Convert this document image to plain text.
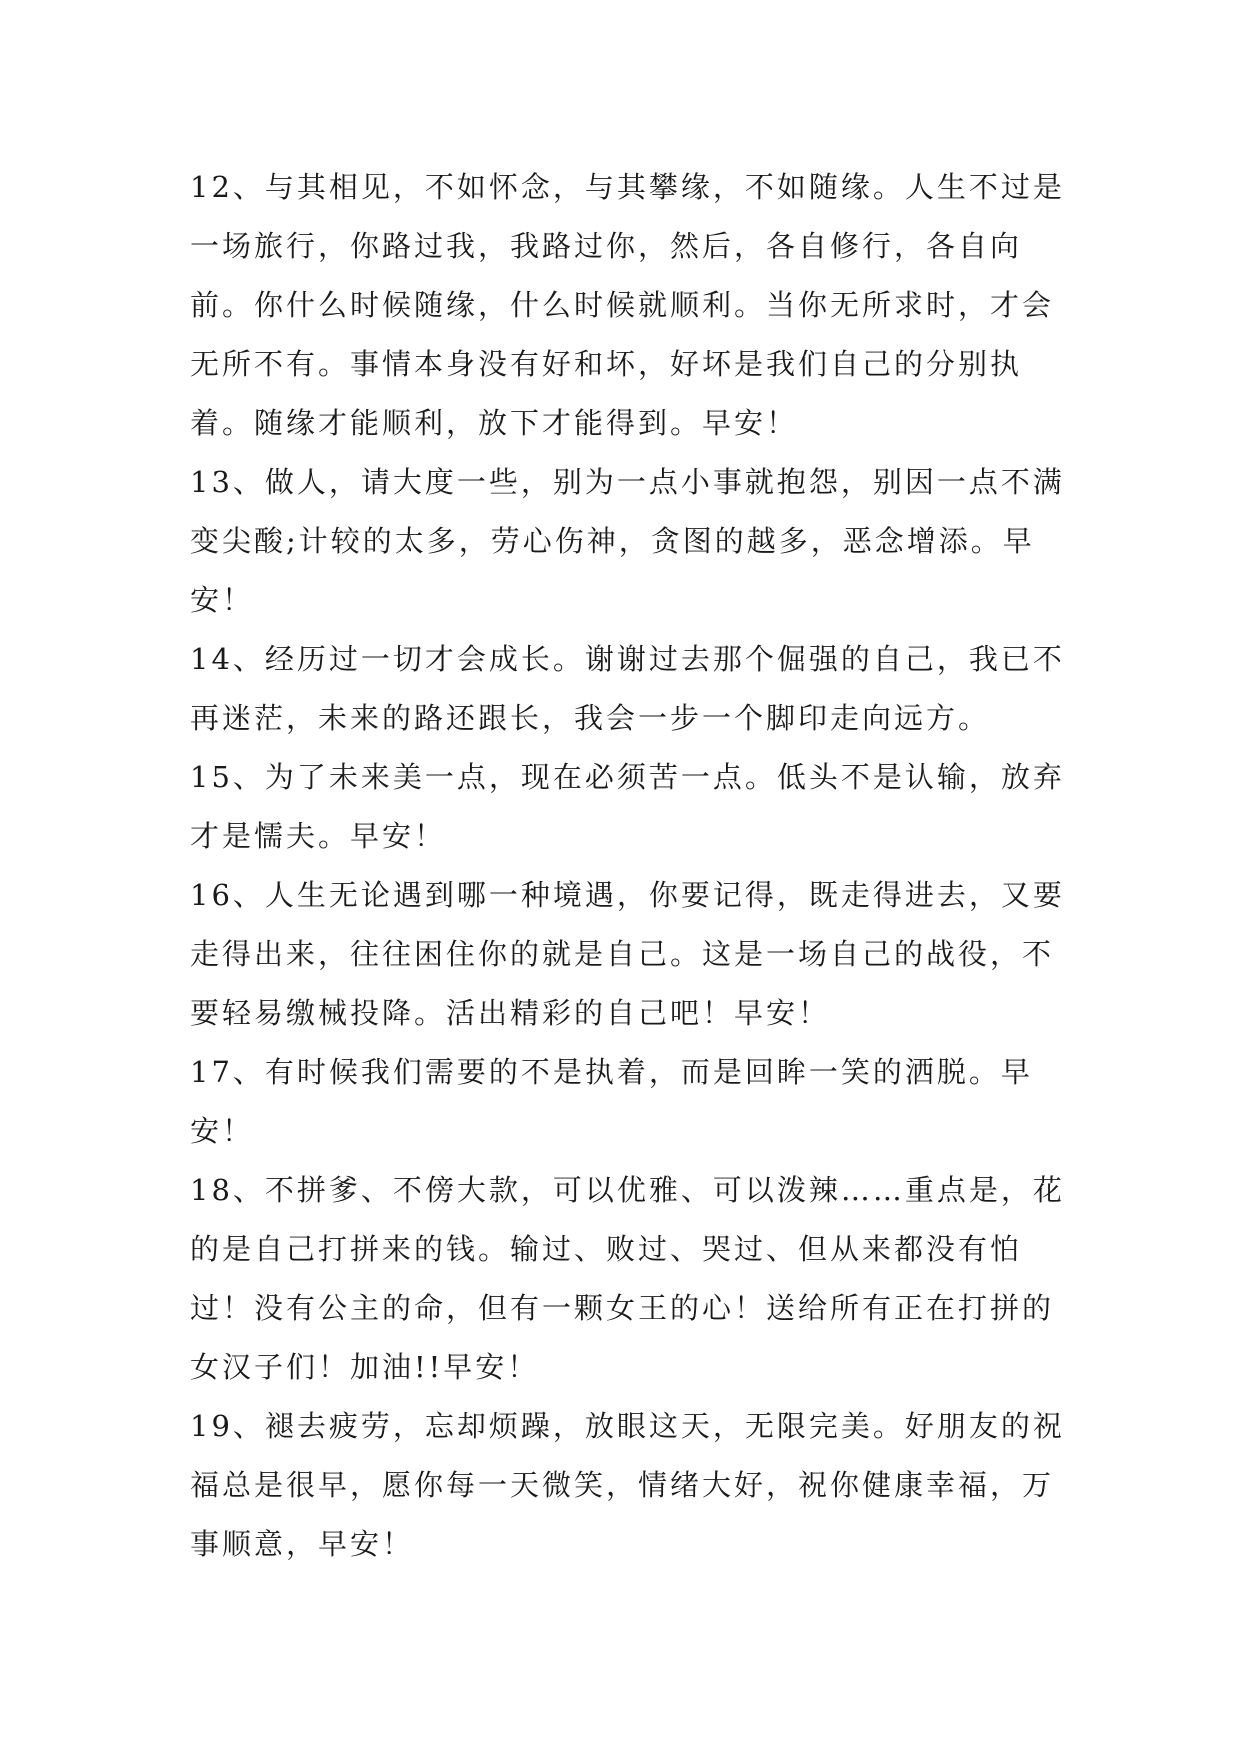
12、与其相见，不如怀念，与其攀缘，不如随缘。人生不过是一场旅行，你路过我，我路过你，然后，各自修行，各自向前。你什么时候随缘，什么时候就顺利。当你无所求时，才会无所不有。事情本身没有好和坏，好坏是我们自己的分别执着。随缘才能顺利，放下才能得到。早安！

13、做人，请大度一些，别为一点小事就抱怨，别因一点不满变尖酸;计较的太多，劳心伤神，贪图的越多，恶念增添。早安！

14、经历过一切才会成长。谢谢过去那个倔强的自己，我已不再迷茫，未来的路还跟长，我会一步一个脚印走向远方。

15、为了未来美一点，现在必须苦一点。低头不是认输，放弃才是懦夫。早安！

16、人生无论遇到哪一种境遇，你要记得，既走得进去，又要走得出来，往往困住你的就是自己。这是一场自己的战役，不要轻易缴械投降。活出精彩的自己吧！早安！

17、有时候我们需要的不是执着，而是回眸一笑的洒脱。早安！

18、不拼爹、不傍大款，可以优雅、可以泼辣……重点是，花的是自己打拼来的钱。输过、败过、哭过、但从来都没有怕过！没有公主的命，但有一颗女王的心！送给所有正在打拼的女汉子们！加油!!早安！

19、褪去疲劳，忘却烦躁，放眼这天，无限完美。好朋友的祝福总是很早，愿你每一天微笑，情绪大好，祝你健康幸福，万事顺意，早安！
